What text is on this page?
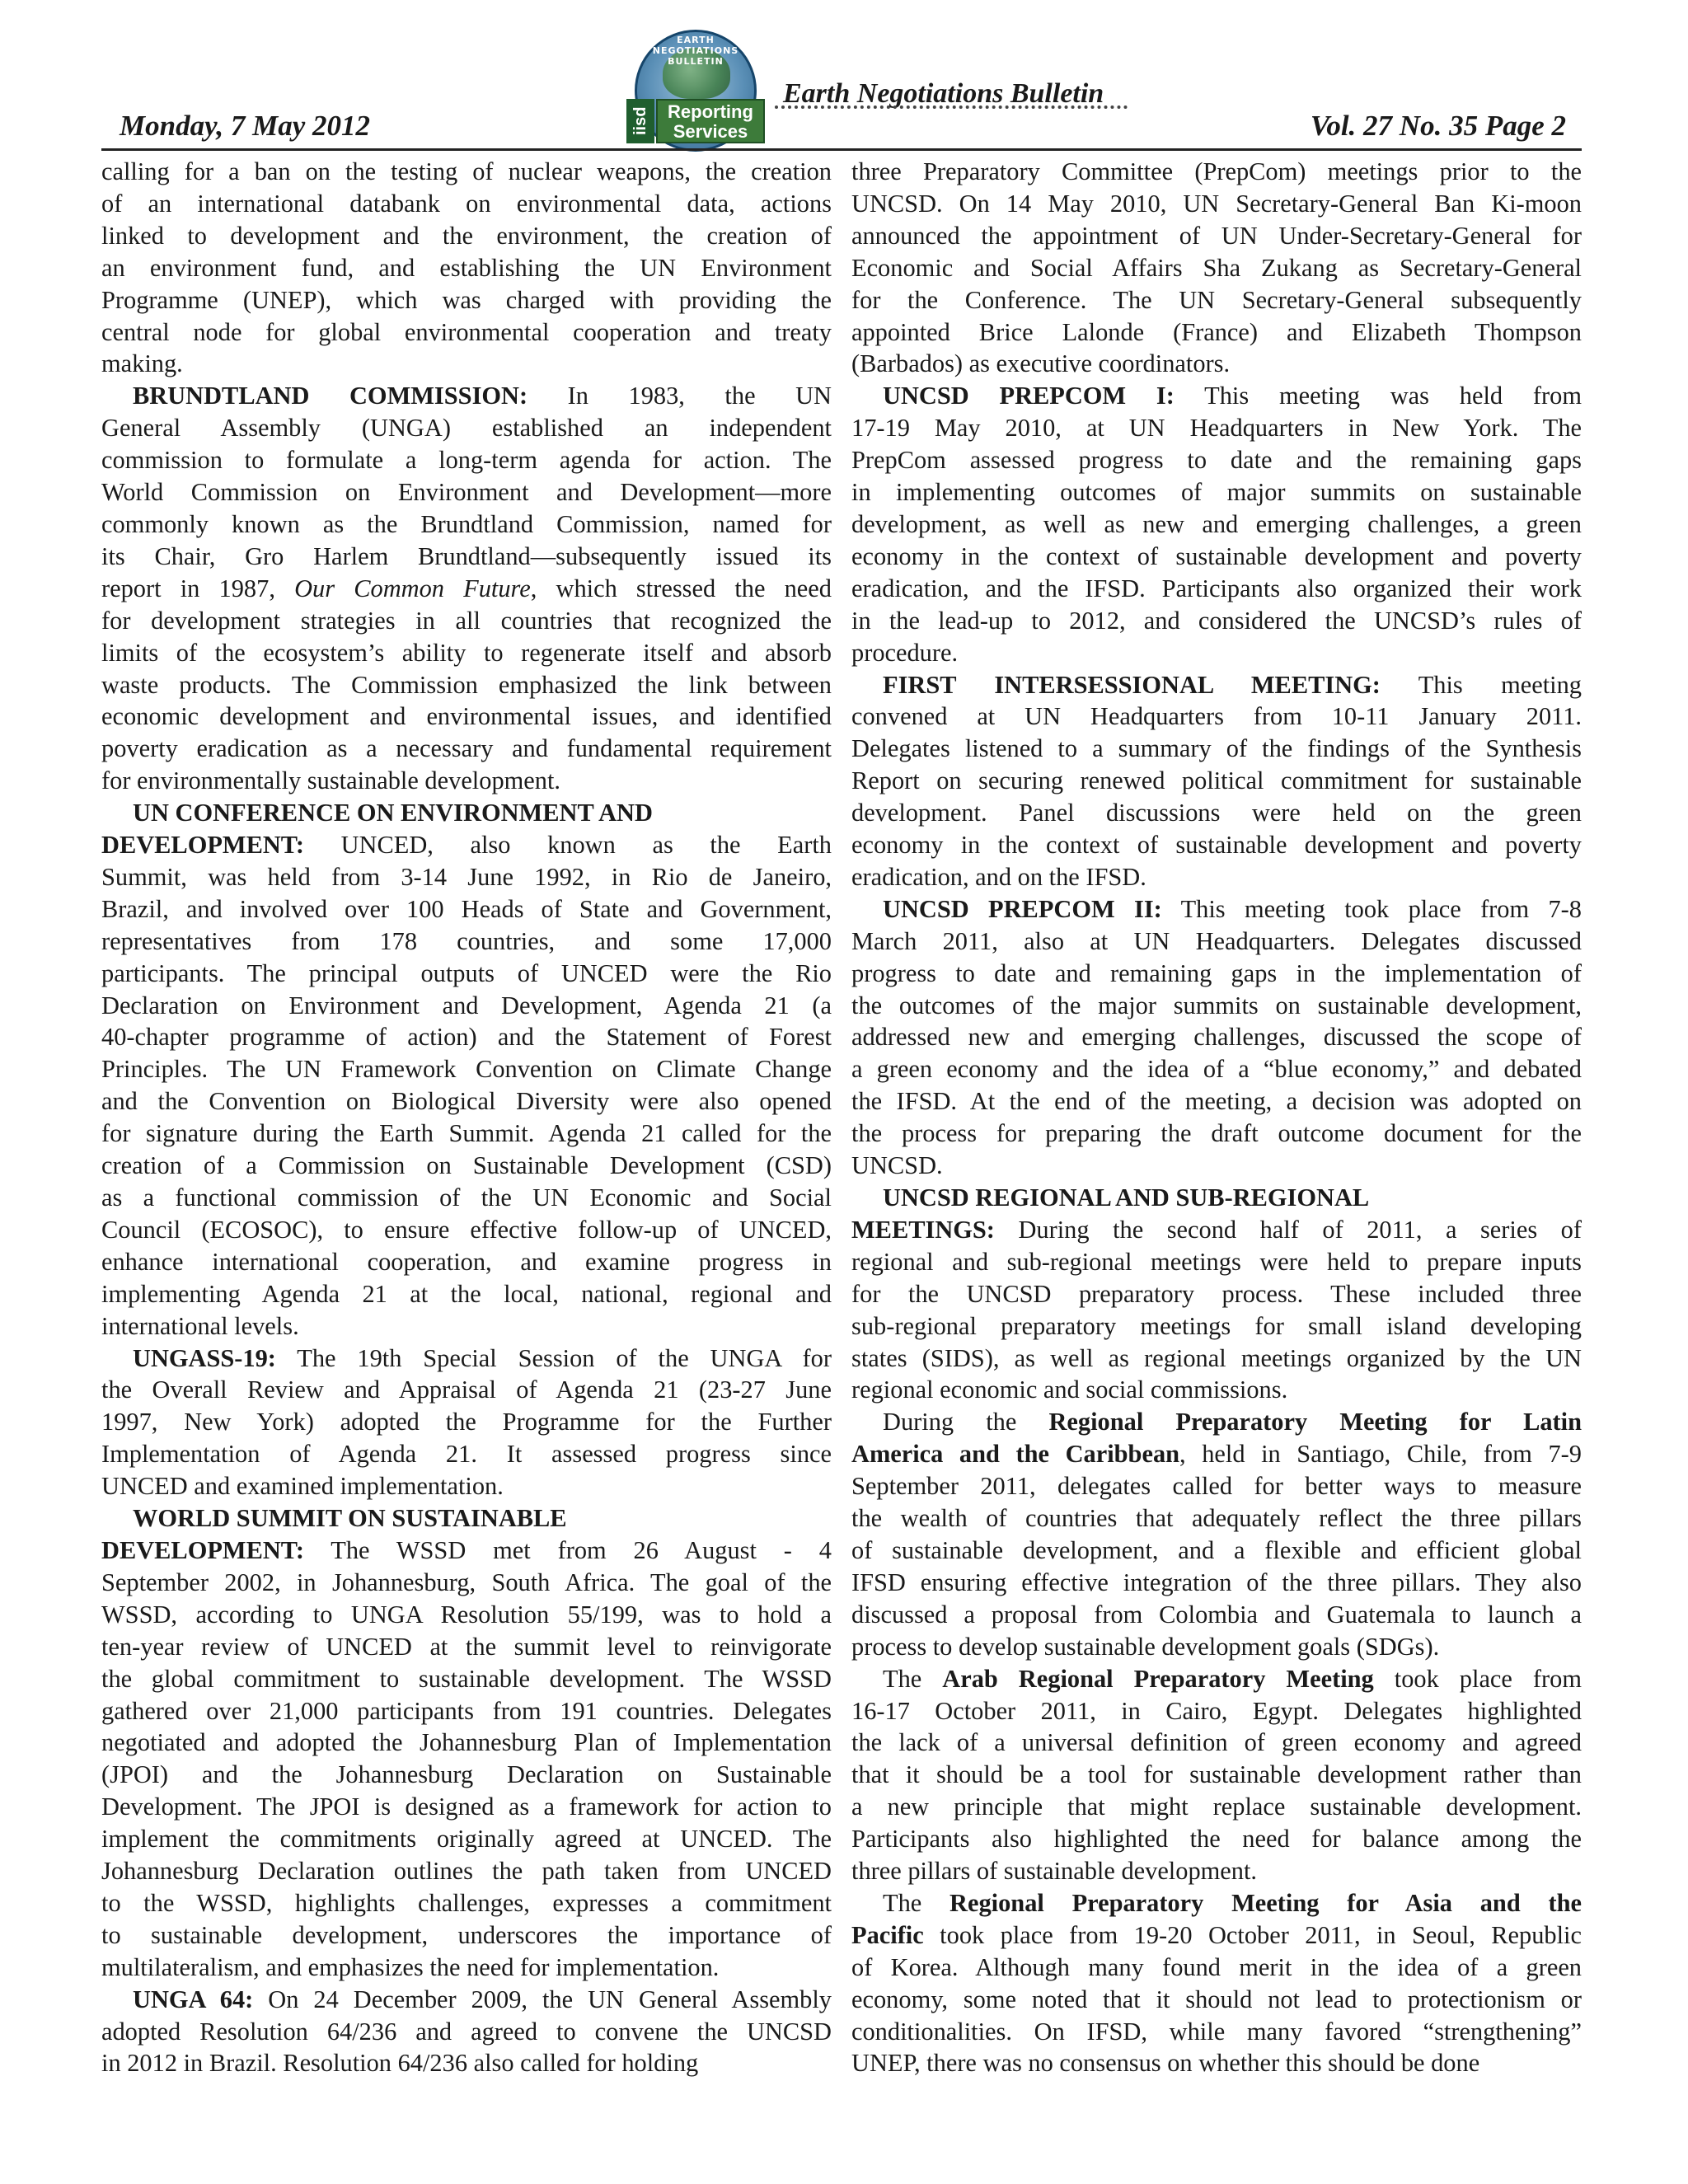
Monday, 7 May 2012
EARTH NEGOTIATIONS BULLETIN
iisd	Reporting
Services
Earth Negotiations Bulletin
Vol. 27 No. 35 Page 2

calling for a ban on the testing of nuclear weapons, the creation
of an international databank on environmental data, actions
linked to development and the environment, the creation of
an environment fund, and establishing the UN Environment
Programme (UNEP), which was charged with providing the
central node for global environmental cooperation and treaty
making.

BRUNDTLAND COMMISSION: In 1983, the UN
General Assembly (UNGA) established an independent
commission to formulate a long-term agenda for action. The
World Commission on Environment and Development—more
commonly known as the Brundtland Commission, named for
its Chair, Gro Harlem Brundtland—subsequently issued its
report in 1987, Our Common Future, which stressed the need
for development strategies in all countries that recognized the
limits of the ecosystem’s ability to regenerate itself and absorb
waste products. The Commission emphasized the link between
economic development and environmental issues, and identified
poverty eradication as a necessary and fundamental requirement
for environmentally sustainable development.

UN CONFERENCE ON ENVIRONMENT AND
DEVELOPMENT: UNCED, also known as the Earth
Summit, was held from 3-14 June 1992, in Rio de Janeiro,
Brazil, and involved over 100 Heads of State and Government,
representatives from 178 countries, and some 17,000
participants. The principal outputs of UNCED were the Rio
Declaration on Environment and Development, Agenda 21 (a
40-chapter programme of action) and the Statement of Forest
Principles. The UN Framework Convention on Climate Change
and the Convention on Biological Diversity were also opened
for signature during the Earth Summit. Agenda 21 called for the
creation of a Commission on Sustainable Development (CSD)
as a functional commission of the UN Economic and Social
Council (ECOSOC), to ensure effective follow-up of UNCED,
enhance international cooperation, and examine progress in
implementing Agenda 21 at the local, national, regional and
international levels.

UNGASS-19: The 19th Special Session of the UNGA for
the Overall Review and Appraisal of Agenda 21 (23-27 June
1997, New York) adopted the Programme for the Further
Implementation of Agenda 21. It assessed progress since
UNCED and examined implementation.

WORLD SUMMIT ON SUSTAINABLE
DEVELOPMENT: The WSSD met from 26 August - 4
September 2002, in Johannesburg, South Africa. The goal of the
WSSD, according to UNGA Resolution 55/199, was to hold a
ten-year review of UNCED at the summit level to reinvigorate
the global commitment to sustainable development. The WSSD
gathered over 21,000 participants from 191 countries. Delegates
negotiated and adopted the Johannesburg Plan of Implementation
(JPOI) and the Johannesburg Declaration on Sustainable
Development. The JPOI is designed as a framework for action to
implement the commitments originally agreed at UNCED. The
Johannesburg Declaration outlines the path taken from UNCED
to the WSSD, highlights challenges, expresses a commitment
to sustainable development, underscores the importance of
multilateralism, and emphasizes the need for implementation.

UNGA 64: On 24 December 2009, the UN General Assembly
adopted Resolution 64/236 and agreed to convene the UNCSD
in 2012 in Brazil. Resolution 64/236 also called for holding

three Preparatory Committee (PrepCom) meetings prior to the
UNCSD. On 14 May 2010, UN Secretary-General Ban Ki-moon
announced the appointment of UN Under-Secretary-General for
Economic and Social Affairs Sha Zukang as Secretary-General
for the Conference. The UN Secretary-General subsequently
appointed Brice Lalonde (France) and Elizabeth Thompson
(Barbados) as executive coordinators.

UNCSD PREPCOM I: This meeting was held from
17-19 May 2010, at UN Headquarters in New York. The
PrepCom assessed progress to date and the remaining gaps
in implementing outcomes of major summits on sustainable
development, as well as new and emerging challenges, a green
economy in the context of sustainable development and poverty
eradication, and the IFSD. Participants also organized their work
in the lead-up to 2012, and considered the UNCSD’s rules of
procedure.

FIRST INTERSESSIONAL MEETING: This meeting
convened at UN Headquarters from 10-11 January 2011.
Delegates listened to a summary of the findings of the Synthesis
Report on securing renewed political commitment for sustainable
development. Panel discussions were held on the green
economy in the context of sustainable development and poverty
eradication, and on the IFSD.

UNCSD PREPCOM II: This meeting took place from 7-8
March 2011, also at UN Headquarters. Delegates discussed
progress to date and remaining gaps in the implementation of
the outcomes of the major summits on sustainable development,
addressed new and emerging challenges, discussed the scope of
a green economy and the idea of a “blue economy,” and debated
the IFSD. At the end of the meeting, a decision was adopted on
the process for preparing the draft outcome document for the
UNCSD.

UNCSD REGIONAL AND SUB-REGIONAL
MEETINGS: During the second half of 2011, a series of
regional and sub-regional meetings were held to prepare inputs
for the UNCSD preparatory process. These included three
sub-regional preparatory meetings for small island developing
states (SIDS), as well as regional meetings organized by the UN
regional economic and social commissions.

During the Regional Preparatory Meeting for Latin
America and the Caribbean, held in Santiago, Chile, from 7-9
September 2011, delegates called for better ways to measure
the wealth of countries that adequately reflect the three pillars
of sustainable development, and a flexible and efficient global
IFSD ensuring effective integration of the three pillars. They also
discussed a proposal from Colombia and Guatemala to launch a
process to develop sustainable development goals (SDGs).

The Arab Regional Preparatory Meeting took place from
16-17 October 2011, in Cairo, Egypt. Delegates highlighted
the lack of a universal definition of green economy and agreed
that it should be a tool for sustainable development rather than
a new principle that might replace sustainable development.
Participants also highlighted the need for balance among the
three pillars of sustainable development.

The Regional Preparatory Meeting for Asia and the
Pacific took place from 19-20 October 2011, in Seoul, Republic
of Korea. Although many found merit in the idea of a green
economy, some noted that it should not lead to protectionism or
conditionalities. On IFSD, while many favored “strengthening”
UNEP, there was no consensus on whether this should be done
